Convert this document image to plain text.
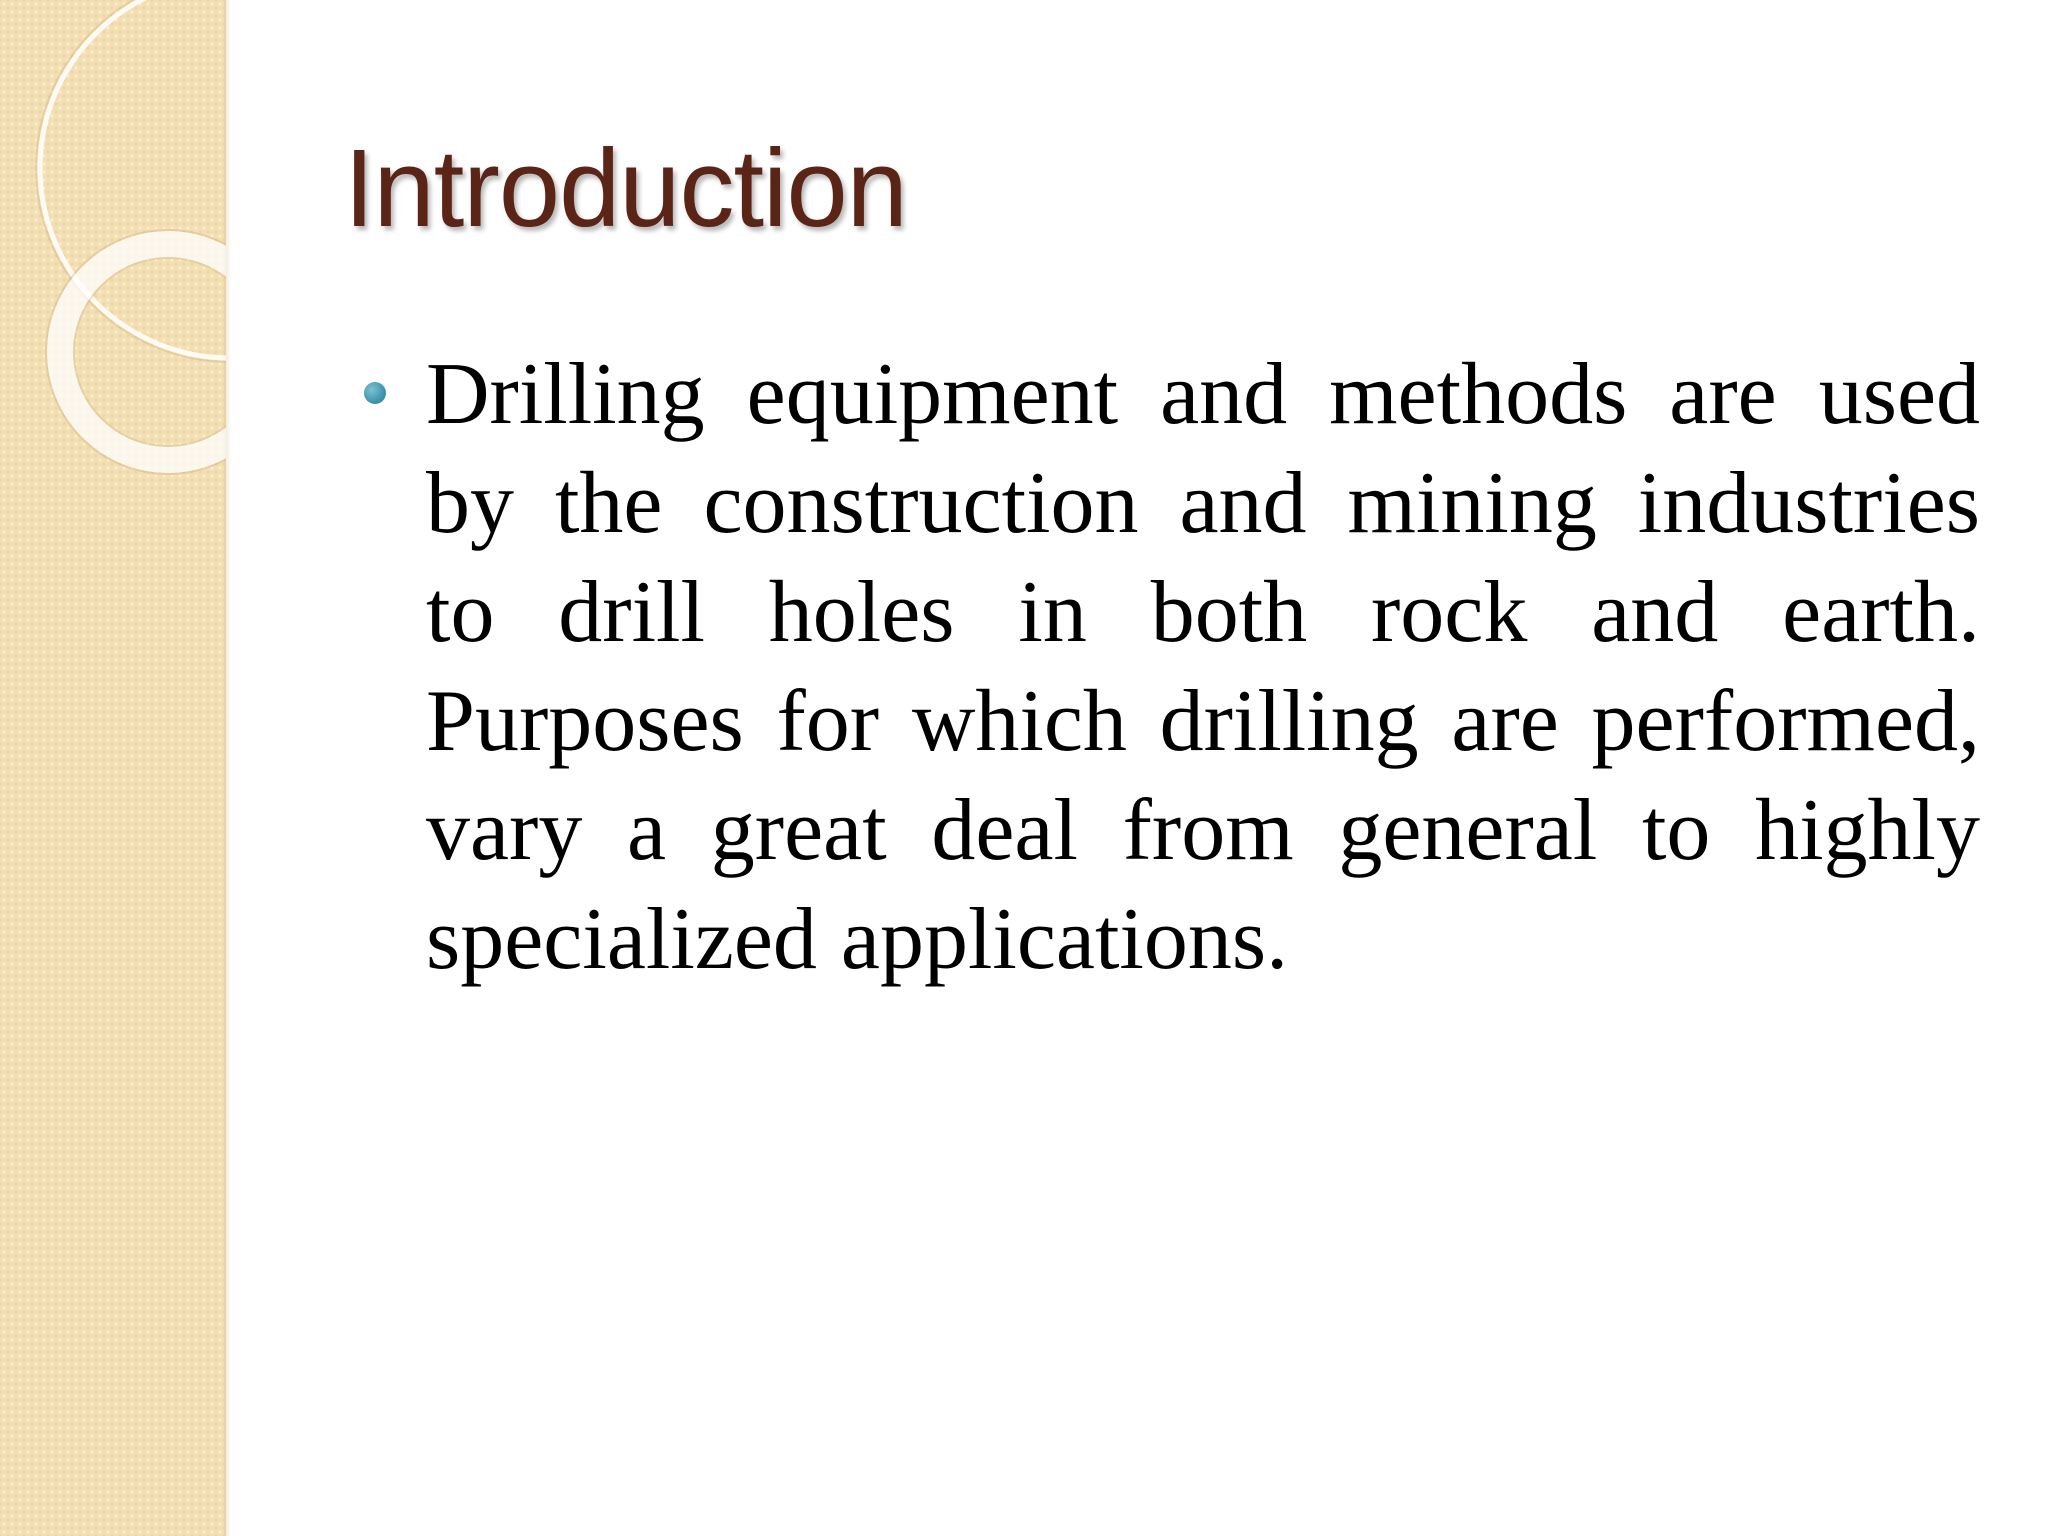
Introduction

Drilling equipment and methods are used by the construction and mining industries to drill holes in both rock and earth. Purposes for which drilling are performed, vary a great deal from general to highly specialized applications.
